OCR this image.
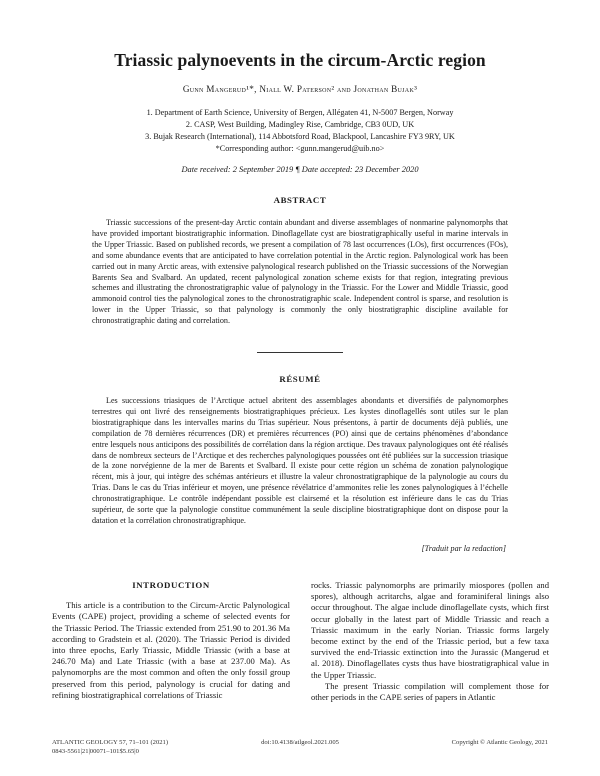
Triassic palynoevents in the circum-Arctic region
Gunn Mangerud¹*, Niall W. Paterson² and Jonathan Bujak³
1. Department of Earth Science, University of Bergen, Allégaten 41, N-5007 Bergen, Norway
2. CASP, West Building, Madingley Rise, Cambridge, CB3 0UD, UK
3. Bujak Research (International), 114 Abbotsford Road, Blackpool, Lancashire FY3 9RY, UK
*Corresponding author: <gunn.mangerud@uib.no>
Date received: 2 September 2019 ¶ Date accepted: 23 December 2020
ABSTRACT
Triassic successions of the present-day Arctic contain abundant and diverse assemblages of nonmarine palynomorphs that have provided important biostratigraphic information. Dinoflagellate cyst are biostratigraphically useful in marine intervals in the Upper Triassic. Based on published records, we present a compilation of 78 last occurrences (LOs), first occurrences (FOs), and some abundance events that are anticipated to have correlation potential in the Arctic region. Palynological work has been carried out in many Arctic areas, with extensive palynological research published on the Triassic successions of the Norwegian Barents Sea and Svalbard. An updated, recent palynological zonation scheme exists for that region, integrating previous schemes and illustrating the chronostratigraphic value of palynology in the Triassic. For the Lower and Middle Triassic, good ammonoid control ties the palynological zones to the chronostratigraphic scale. Independent control is sparse, and resolution is lower in the Upper Triassic, so that palynology is commonly the only biostratigraphic discipline available for chronostratigraphic dating and correlation.
RÉSUMÉ
Les successions triasiques de l’Arctique actuel abritent des assemblages abondants et diversifiés de palynomorphes terrestres qui ont livré des renseignements biostratigraphiques précieux. Les kystes dinoflagellés sont utiles sur le plan biostratigraphique dans les intervalles marins du Trias supérieur. Nous présentons, à partir de documents déjà publiés, une compilation de 78 dernières récurrences (DR) et premières récurrences (PO) ainsi que de certains phénomènes d’abondance entre lesquels nous anticipons des possibilités de corrélation dans la région arctique. Des travaux palynologiques ont été réalisés dans de nombreux secteurs de l’Arctique et des recherches palynologiques poussées ont été publiées sur la succession triasique de la zone norvégienne de la mer de Barents et Svalbard. Il existe pour cette région un schéma de zonation palynologique récent, mis à jour, qui intègre des schémas antérieurs et illustre la valeur chronostratigraphique de la palynologie au cours du Trias. Dans le cas du Trias inférieur et moyen, une présence révélatrice d’ammonites relie les zones palynologiques à l’échelle chronostratigraphique. Le contrôle indépendant possible est clairsemé et la résolution est inférieure dans le cas du Trias supérieur, de sorte que la palynologie constitue communément la seule discipline biostratigraphique dont on dispose pour la datation et la corrélation chronostratigraphique.
[Traduit par la redaction]
INTRODUCTION

This article is a contribution to the Circum-Arctic Palynological Events (CAPE) project, providing a scheme of selected events for the Triassic Period. The Triassic extended from 251.90 to 201.36 Ma according to Gradstein et al. (2020). The Triassic Period is divided into three epochs, Early Triassic, Middle Triassic (with a base at 246.70 Ma) and Late Triassic (with a base at 237.00 Ma). As palynomorphs are the most common and often the only fossil group preserved from this period, palynology is crucial for dating and refining biostratigraphical correlations of Triassic

rocks. Triassic palynomorphs are primarily miospores (pollen and spores), although acritarchs, algae and foraminiferal linings also occur throughout. The algae include dinoflagellate cysts, which first occur globally in the latest part of Middle Triassic and reach a Triassic maximum in the early Norian. Triassic forms largely become extinct by the end of the Triassic period, but a few taxa survived the end-Triassic extinction into the Jurassic (Mangerud et al. 2018). Dinoflagellates cysts thus have biostratigraphical value in the Upper Triassic.

The present Triassic compilation will complement those for other periods in the CAPE series of papers in Atlantic

ATLANTIC GEOLOGY 57, 71–101 (2021)
0843-5561|21|00071–101$5.65|0
doi:10.4138/atlgeol.2021.005	Copyright © Atlantic Geology, 2021
